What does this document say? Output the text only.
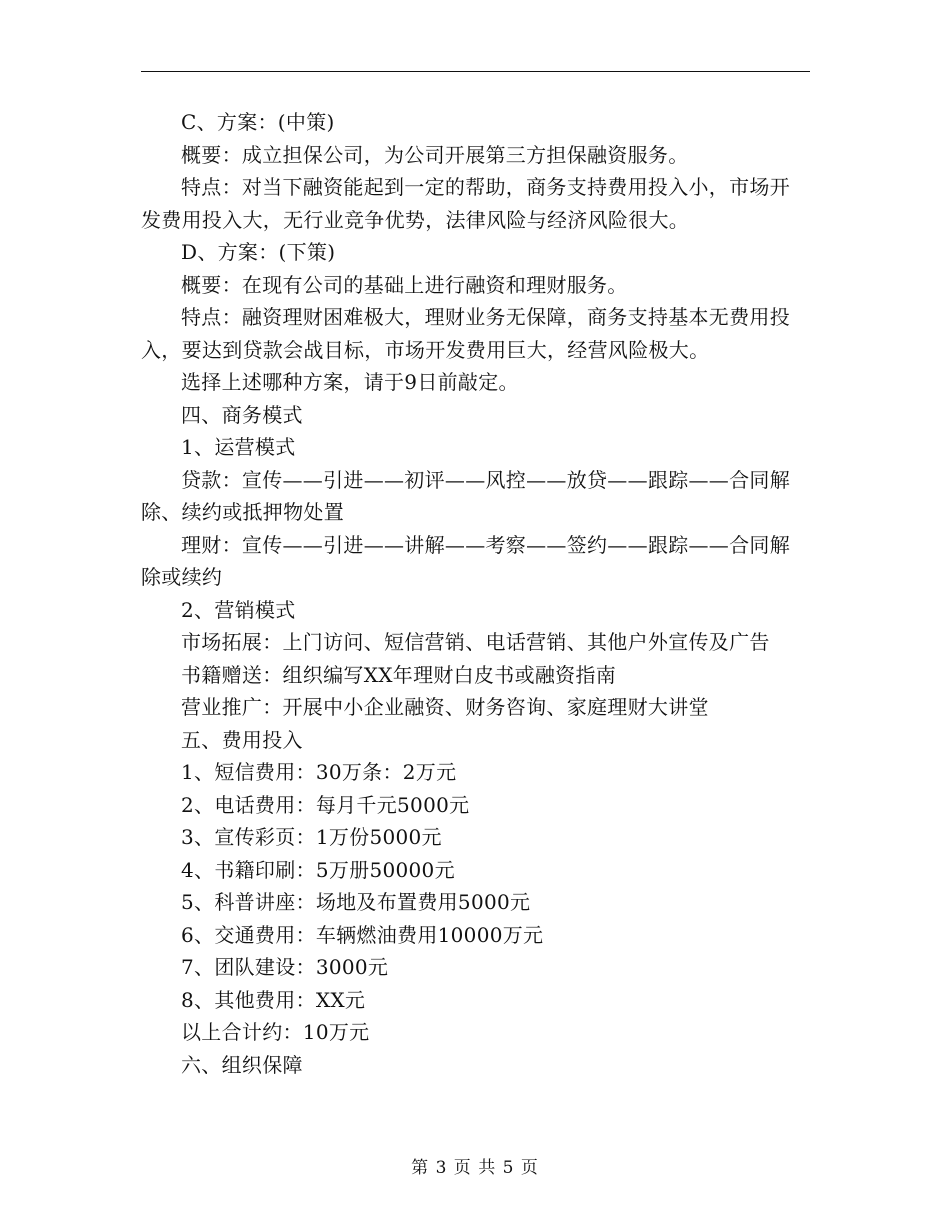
C、方案：(中策)

概要：成立担保公司，为公司开展第三方担保融资服务。

特点：对当下融资能起到一定的帮助，商务支持费用投入小，市场开发费用投入大，无行业竞争优势，法律风险与经济风险很大。

D、方案：(下策)

概要：在现有公司的基础上进行融资和理财服务。

特点：融资理财困难极大，理财业务无保障，商务支持基本无费用投入，要达到贷款会战目标，市场开发费用巨大，经营风险极大。

选择上述哪种方案，请于9日前敲定。

四、商务模式

1、运营模式

贷款：宣传——引进——初评——风控——放贷——跟踪——合同解除、续约或抵押物处置

理财：宣传——引进——讲解——考察——签约——跟踪——合同解除或续约

2、营销模式

市场拓展：上门访问、短信营销、电话营销、其他户外宣传及广告

书籍赠送：组织编写XX年理财白皮书或融资指南

营业推广：开展中小企业融资、财务咨询、家庭理财大讲堂

五、费用投入

1、短信费用：30万条：2万元

2、电话费用：每月千元5000元

3、宣传彩页：1万份5000元

4、书籍印刷：5万册50000元

5、科普讲座：场地及布置费用5000元

6、交通费用：车辆燃油费用10000万元

7、团队建设：3000元

8、其他费用：XX元

以上合计约：10万元

六、组织保障

第 3 页 共 5 页
